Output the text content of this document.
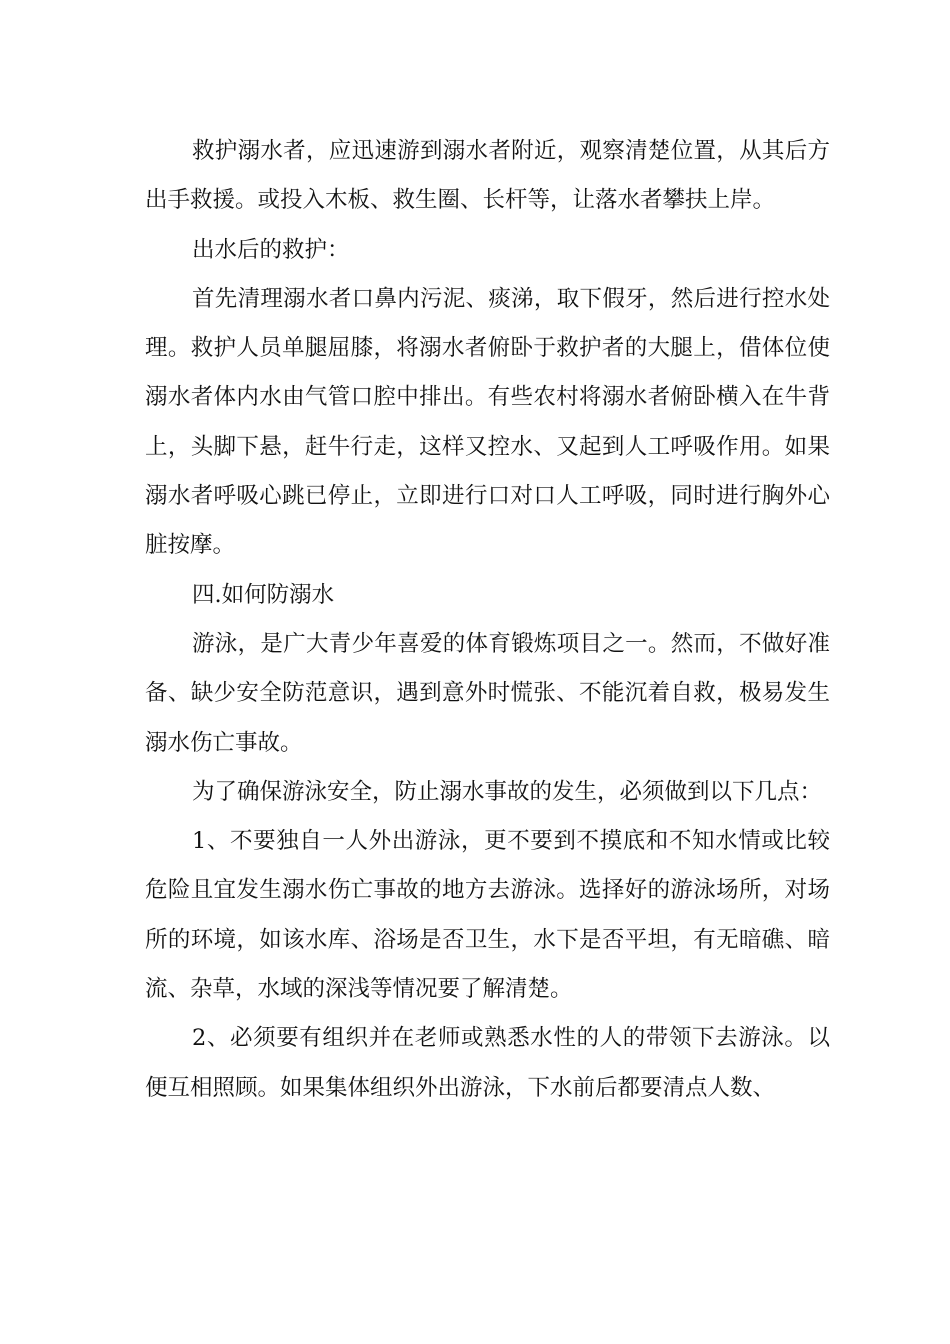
救护溺水者，应迅速游到溺水者附近，观察清楚位置，从其后方出手救援。或投入木板、救生圈、长杆等，让落水者攀扶上岸。

出水后的救护：

首先清理溺水者口鼻内污泥、痰涕，取下假牙，然后进行控水处理。救护人员单腿屈膝，将溺水者俯卧于救护者的大腿上，借体位使溺水者体内水由气管口腔中排出。有些农村将溺水者俯卧横入在牛背上，头脚下悬，赶牛行走，这样又控水、又起到人工呼吸作用。如果溺水者呼吸心跳已停止，立即进行口对口人工呼吸，同时进行胸外心脏按摩。

四.如何防溺水

游泳，是广大青少年喜爱的体育锻炼项目之一。然而，不做好准备、缺少安全防范意识，遇到意外时慌张、不能沉着自救，极易发生溺水伤亡事故。

为了确保游泳安全，防止溺水事故的发生，必须做到以下几点：

1、不要独自一人外出游泳，更不要到不摸底和不知水情或比较危险且宜发生溺水伤亡事故的地方去游泳。选择好的游泳场所，对场所的环境，如该水库、浴场是否卫生，水下是否平坦，有无暗礁、暗流、杂草，水域的深浅等情况要了解清楚。

2、必须要有组织并在老师或熟悉水性的人的带领下去游泳。以便互相照顾。如果集体组织外出游泳，下水前后都要清点人数、
